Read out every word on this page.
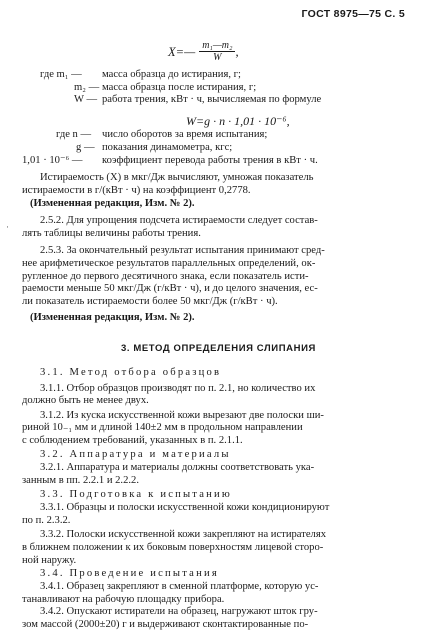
ГОСТ 8975—75 С. 5
X=— $\frac{\text{m₁—m₂}}{W}$ ,
где m₁ — масса образца до истирания, г;
m₂ — масса образца после истирания, г;
W — работа трения, кВт · ч, вычисляемая по формуле
W=g · n · 1,01 · 10⁻⁶,
где n — число оборотов за время испытания;
g — показания динамометра, кгс;
1,01 · 10⁻⁶ — коэффициент перевода работы трения в кВт · ч.
Истираемость (X) в мкг/Дж вычисляют, умножая показатель
истираемости в г/(кВт · ч) на коэффициент 0,2778.
(Измененная редакция, Изм. № 2).
·
2.5.2. Для упрощения подсчета истираемости следует состав-
лять таблицы величины работы трения.
2.5.3. За окончательный результат испытания принимают сред-
нее арифметическое результатов параллельных определений, ок-
ругленное до первого десятичного знака, если показатель исти-
раемости меньше 50 мкг/Дж (г/кВт · ч), и до целого значения, ес-
ли показатель истираемости более 50 мкг/Дж (г/кВт · ч).
(Измененная редакция, Изм. № 2).
3. МЕТОД ОПРЕДЕЛЕНИЯ СЛИПАНИЯ
3.1. Метод отбора образцов
3.1.1. Отбор образцов производят по п. 2.1, но количество их
должно быть не менее двух.
3.1.2. Из куска искусственной кожи вырезают две полоски ши-
риной 10₋₁ мм и длиной 140±2 мм в продольном направлении
с соблюдением требований, указанных в п. 2.1.1.
3.2. Аппаратура и материалы
3.2.1. Аппаратура и материалы должны соответствовать ука-
занным в пп. 2.2.1 и 2.2.2.
3.3. Подготовка к испытанию
3.3.1. Образцы и полоски искусственной кожи кондиционируют
по п. 2.3.2.
3.3.2. Полоски искусственной кожи закрепляют на истирателях
в ближнем положении к их боковым поверхностям лицевой сторо-
ной наружу.
3.4. Проведение испытания
3.4.1. Образец закрепляют в сменной платформе, которую ус-
танавливают на рабочую площадку прибора.
3.4.2. Опускают истиратели на образец, нагружают шток гру-
зом массой (2000±20) г и выдерживают сконтактированные по-
